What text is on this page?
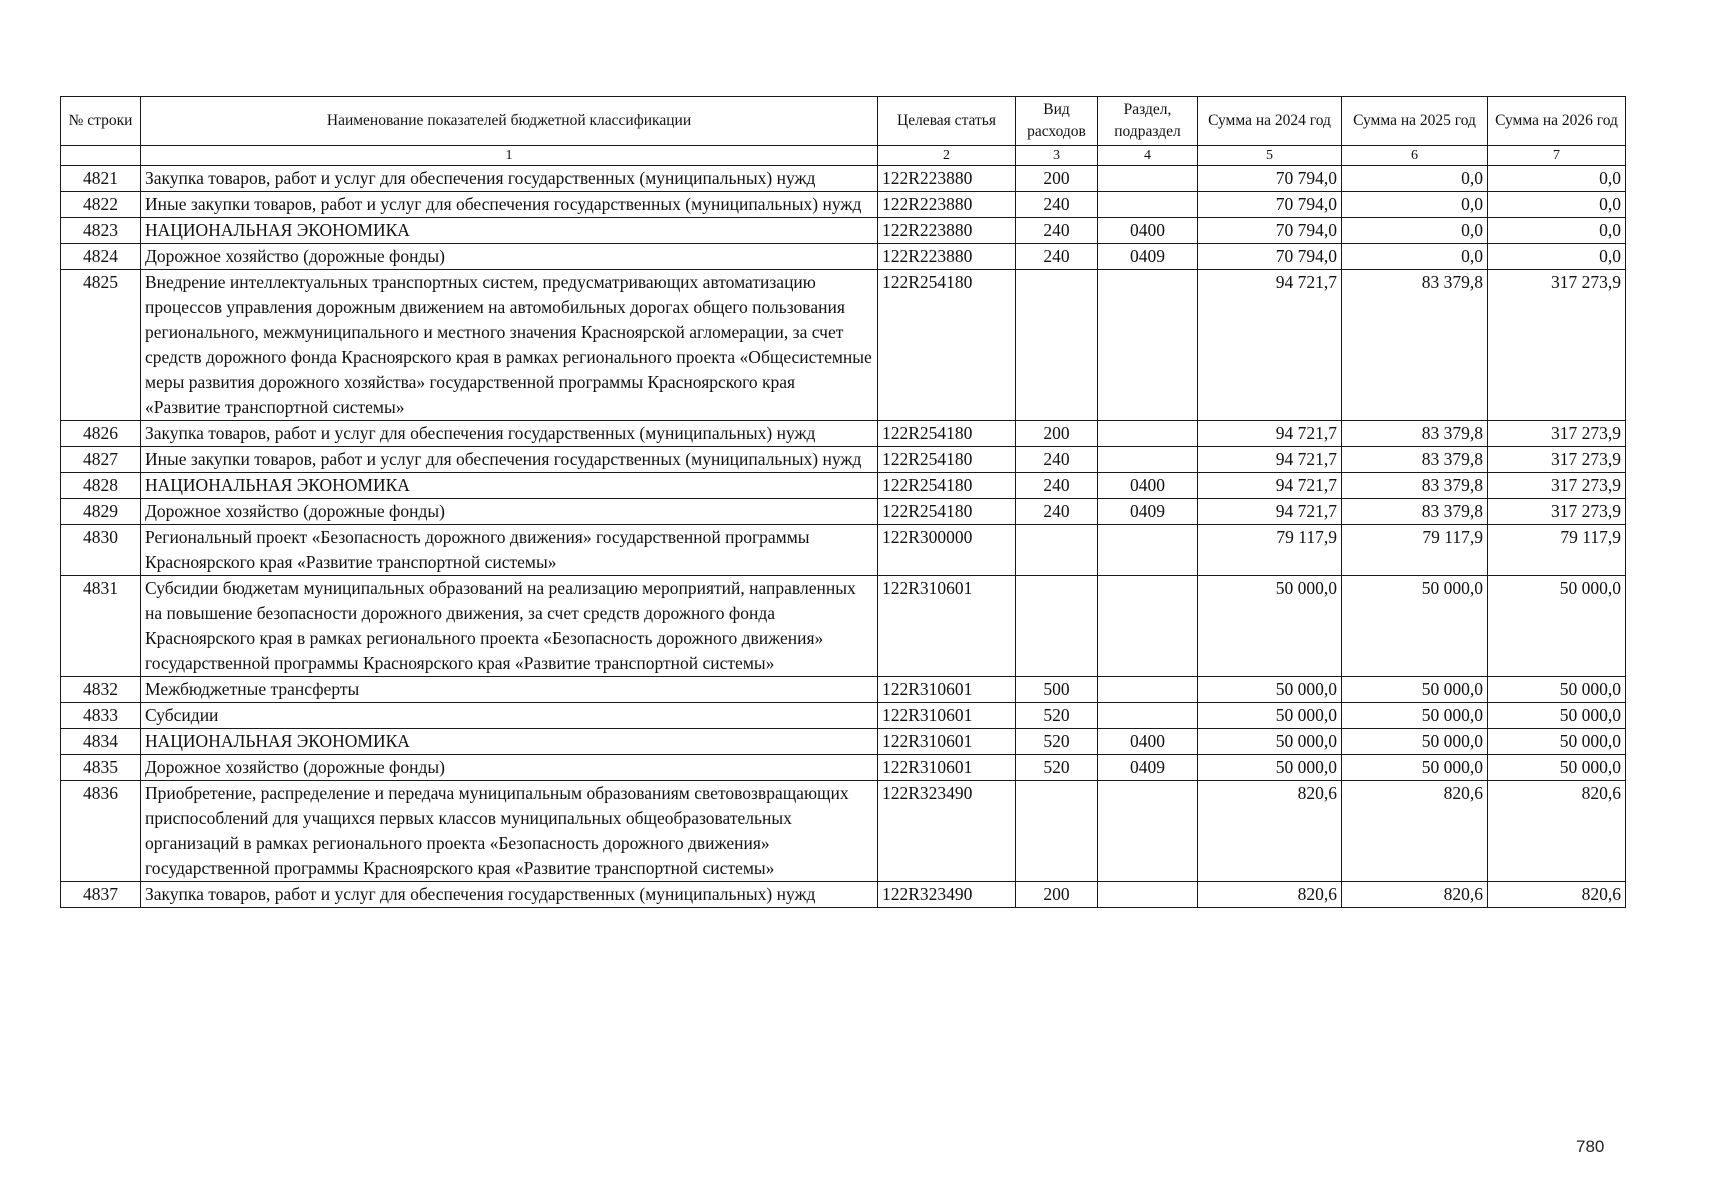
№ строки	Наименование показателей бюджетной классификации	Целевая статья	Вид расходов	Раздел, подраздел	Сумма на 2024 год	Сумма на 2025 год	Сумма на 2026 год
	1	2	3	4	5	6	7
4821	Закупка товаров, работ и услуг для обеспечения государственных (муниципальных) нужд	122R223880	200		70 794,0	0,0	0,0
4822	Иные закупки товаров, работ и услуг для обеспечения государственных (муниципальных) нужд	122R223880	240		70 794,0	0,0	0,0
4823	НАЦИОНАЛЬНАЯ ЭКОНОМИКА	122R223880	240	0400	70 794,0	0,0	0,0
4824	Дорожное хозяйство (дорожные фонды)	122R223880	240	0409	70 794,0	0,0	0,0
4825	Внедрение интеллектуальных транспортных систем, предусматривающих автоматизацию процессов управления дорожным движением на автомобильных дорогах общего пользования регионального, межмуниципального и местного значения Красноярской агломерации, за счет средств дорожного фонда Красноярского края в рамках регионального проекта «Общесистемные меры развития дорожного хозяйства» государственной программы Красноярского края «Развитие транспортной системы»	122R254180			94 721,7	83 379,8	317 273,9
4826	Закупка товаров, работ и услуг для обеспечения государственных (муниципальных) нужд	122R254180	200		94 721,7	83 379,8	317 273,9
4827	Иные закупки товаров, работ и услуг для обеспечения государственных (муниципальных) нужд	122R254180	240		94 721,7	83 379,8	317 273,9
4828	НАЦИОНАЛЬНАЯ ЭКОНОМИКА	122R254180	240	0400	94 721,7	83 379,8	317 273,9
4829	Дорожное хозяйство (дорожные фонды)	122R254180	240	0409	94 721,7	83 379,8	317 273,9
4830	Региональный проект «Безопасность дорожного движения» государственной программы Красноярского края «Развитие транспортной системы»	122R300000			79 117,9	79 117,9	79 117,9
4831	Субсидии бюджетам муниципальных образований на реализацию мероприятий, направленных на повышение безопасности дорожного движения, за счет средств дорожного фонда Красноярского края в рамках регионального проекта «Безопасность дорожного движения» государственной программы Красноярского края «Развитие транспортной системы»	122R310601			50 000,0	50 000,0	50 000,0
4832	Межбюджетные трансферты	122R310601	500		50 000,0	50 000,0	50 000,0
4833	Субсидии	122R310601	520		50 000,0	50 000,0	50 000,0
4834	НАЦИОНАЛЬНАЯ ЭКОНОМИКА	122R310601	520	0400	50 000,0	50 000,0	50 000,0
4835	Дорожное хозяйство (дорожные фонды)	122R310601	520	0409	50 000,0	50 000,0	50 000,0
4836	Приобретение, распределение и передача муниципальным образованиям световозвращающих приспособлений для учащихся первых классов муниципальных общеобразовательных организаций в рамках регионального проекта «Безопасность дорожного движения» государственной программы Красноярского края «Развитие транспортной системы»	122R323490			820,6	820,6	820,6
4837	Закупка товаров, работ и услуг для обеспечения государственных (муниципальных) нужд	122R323490	200		820,6	820,6	820,6
780
